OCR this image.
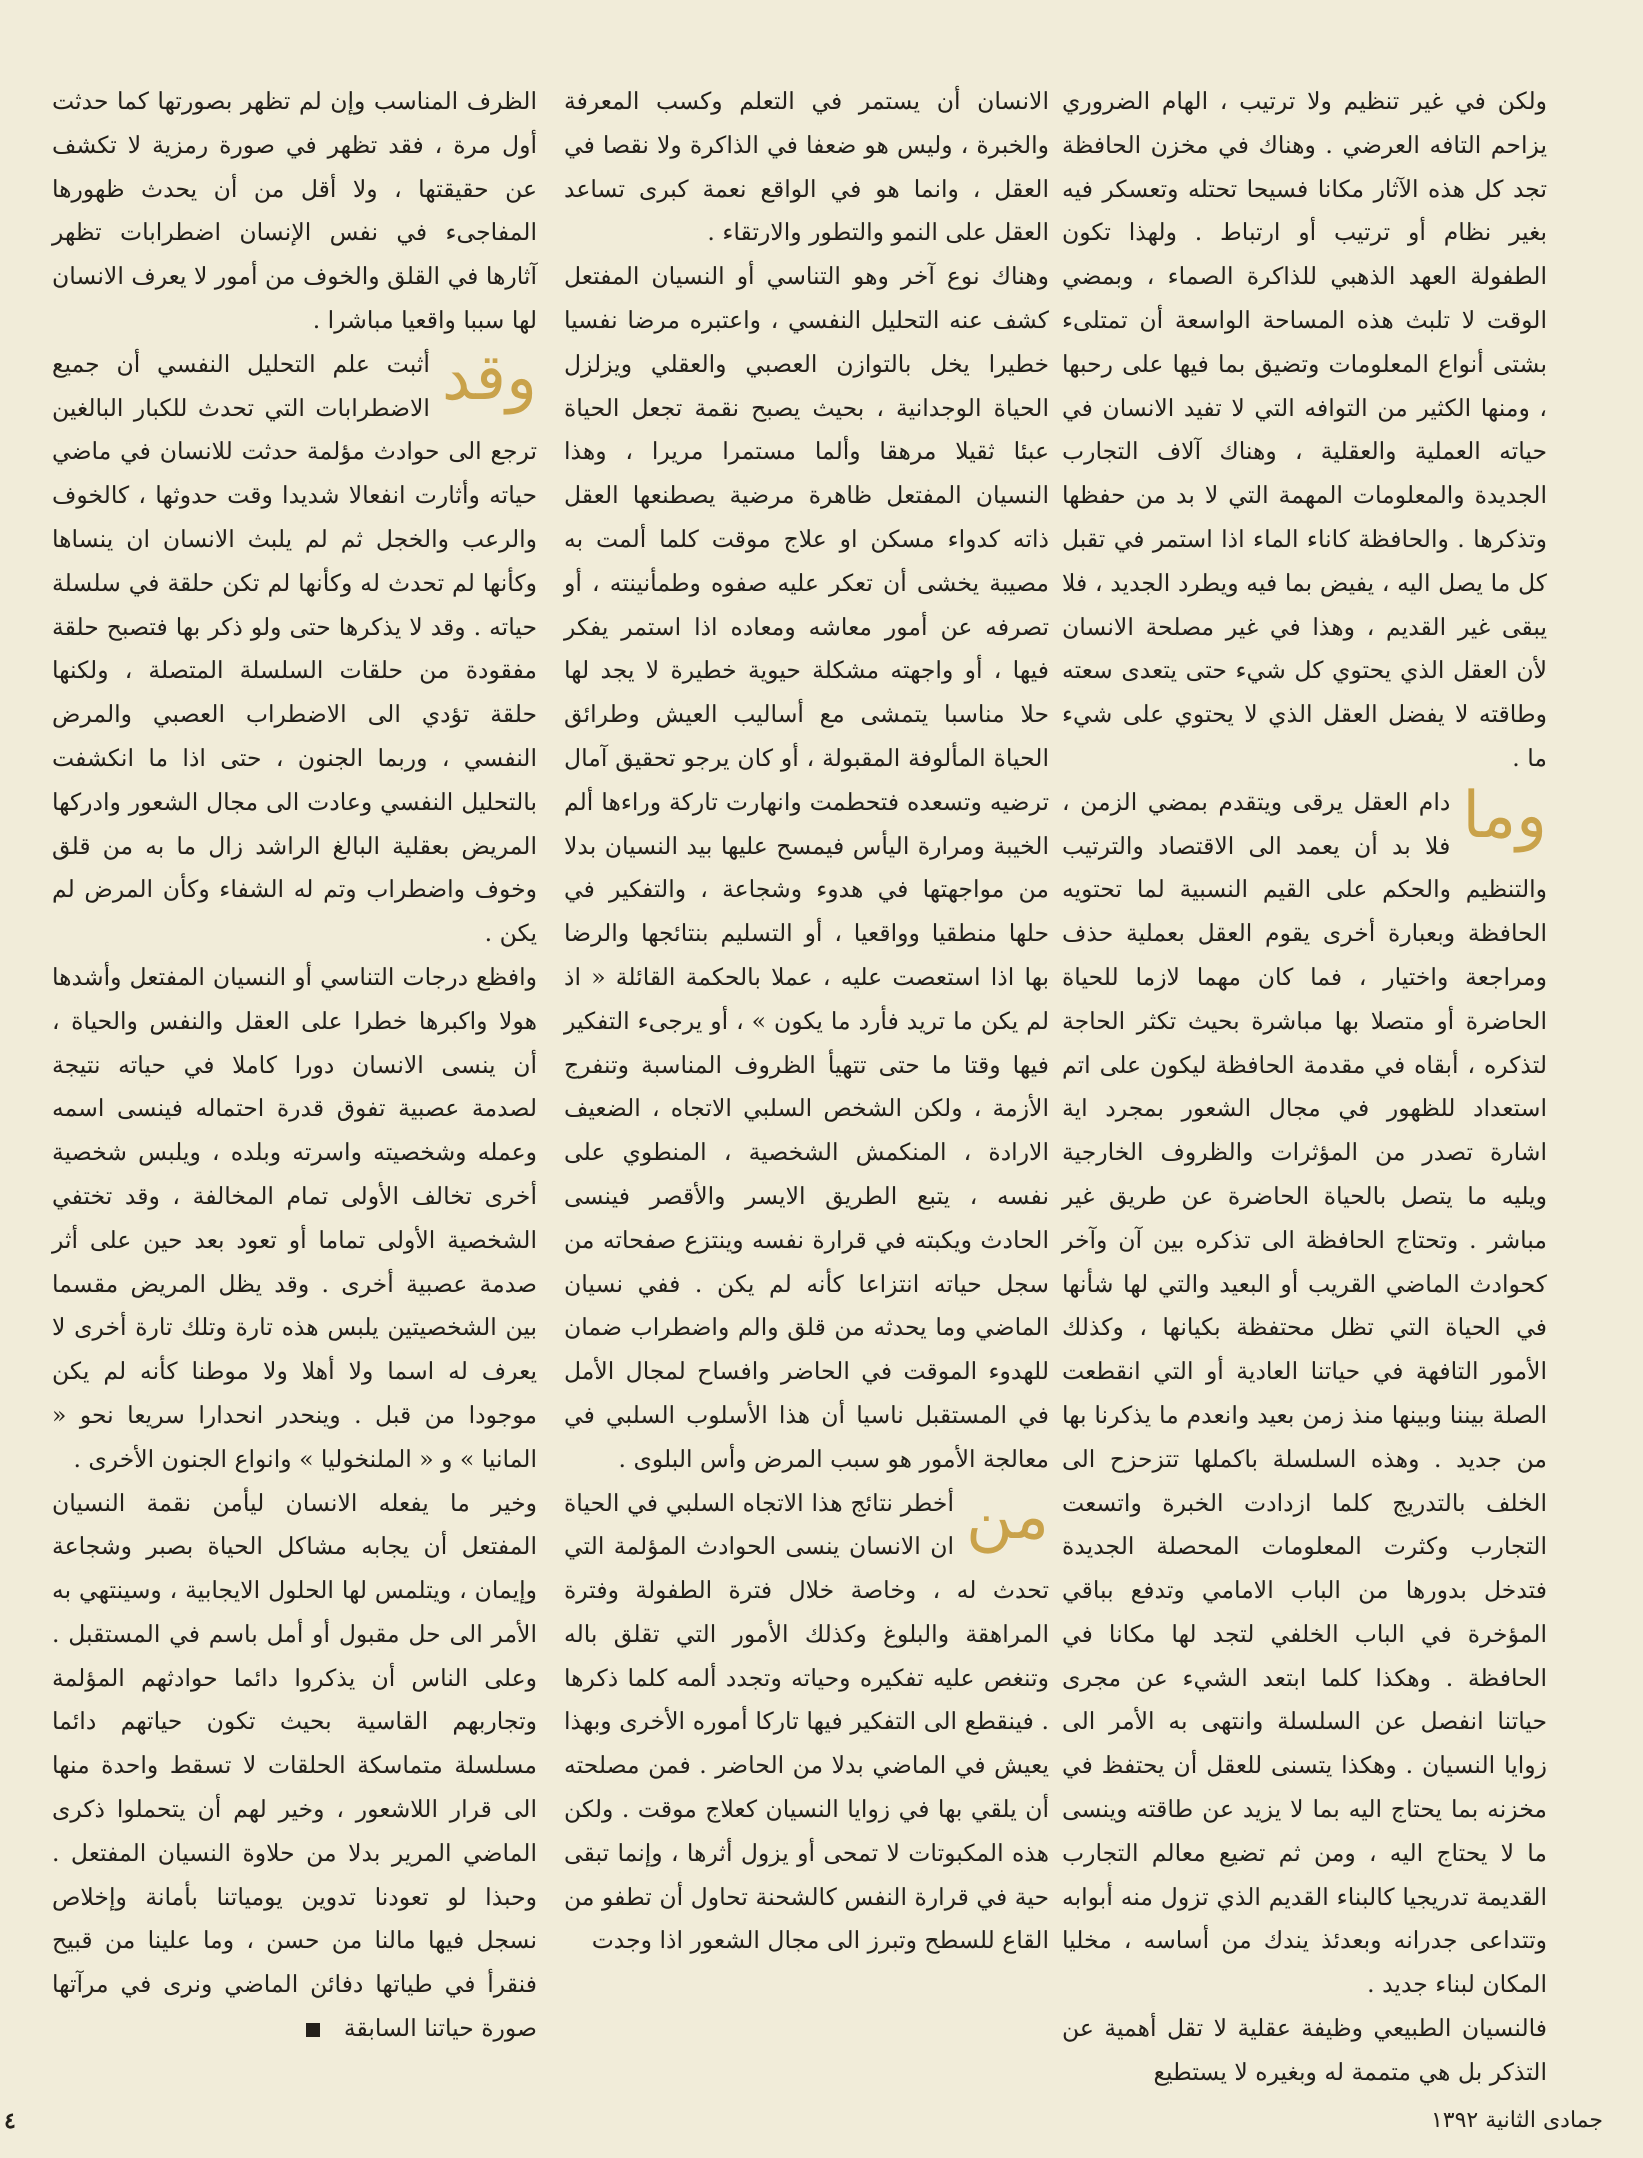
ولكن في غير تنظيم ولا ترتيب ، الهام الضروري يزاحم التافه العرضي . وهناك في مخزن الحافظة تجد كل هذه الآثار مكانا فسيحا تحتله وتعسكر فيه بغير نظام أو ترتيب أو ارتباط . ولهذا تكون الطفولة العهد الذهبي للذاكرة الصماء ، وبمضي الوقت لا تلبث هذه المساحة الواسعة أن تمتلىء بشتى أنواع المعلومات وتضيق بما فيها على رحبها ، ومنها الكثير من التوافه التي لا تفيد الانسان في حياته العملية والعقلية ، وهناك آلاف التجارب الجديدة والمعلومات المهمة التي لا بد من حفظها وتذكرها . والحافظة كاناء الماء اذا استمر في تقبل كل ما يصل اليه ، يفيض بما فيه ويطرد الجديد ، فلا يبقى غير القديم ، وهذا في غير مصلحة الانسان لأن العقل الذي يحتوي كل شيء حتى يتعدى سعته وطاقته لا يفضل العقل الذي لا يحتوي على شيء ما .

وما
دام العقل يرقى ويتقدم بمضي الزمن ، فلا بد أن يعمد الى الاقتصاد والترتيب والتنظيم والحكم على القيم النسبية لما تحتويه الحافظة وبعبارة أخرى يقوم العقل بعملية حذف ومراجعة واختيار ، فما كان مهما لازما للحياة الحاضرة أو متصلا بها مباشرة بحيث تكثر الحاجة لتذكره ، أبقاه في مقدمة الحافظة ليكون على اتم استعداد للظهور في مجال الشعور بمجرد اية اشارة تصدر من المؤثرات والظروف الخارجية ويليه ما يتصل بالحياة الحاضرة عن طريق غير مباشر . وتحتاج الحافظة الى تذكره بين آن وآخر كحوادث الماضي القريب أو البعيد والتي لها شأنها في الحياة التي تظل محتفظة بكيانها ، وكذلك الأمور التافهة في حياتنا العادية أو التي انقطعت الصلة بيننا وبينها منذ زمن بعيد وانعدم ما يذكرنا بها من جديد . وهذه السلسلة باكملها تتزحزح الى الخلف بالتدريج كلما ازدادت الخبرة واتسعت التجارب وكثرت المعلومات المحصلة الجديدة فتدخل بدورها من الباب الامامي وتدفع بباقي المؤخرة في الباب الخلفي لتجد لها مكانا في الحافظة . وهكذا كلما ابتعد الشيء عن مجرى حياتنا انفصل عن السلسلة وانتهى به الأمر الى زوايا النسيان . وهكذا يتسنى للعقل أن يحتفظ في مخزنه بما يحتاج اليه بما لا يزيد عن طاقته وينسى ما لا يحتاج اليه ، ومن ثم تضيع معالم التجارب القديمة تدريجيا كالبناء القديم الذي تزول منه أبوابه وتتداعى جدرانه وبعدئذ يندك من أساسه ، مخليا المكان لبناء جديد .

فالنسيان الطبيعي وظيفة عقلية لا تقل أهمية عن التذكر بل هي متممة له وبغيره لا يستطيع

الانسان أن يستمر في التعلم وكسب المعرفة والخبرة ، وليس هو ضعفا في الذاكرة ولا نقصا في العقل ، وانما هو في الواقع نعمة كبرى تساعد العقل على النمو والتطور والارتقاء .

وهناك نوع آخر وهو التناسي أو النسيان المفتعل كشف عنه التحليل النفسي ، واعتبره مرضا نفسيا خطيرا يخل بالتوازن العصبي والعقلي ويزلزل الحياة الوجدانية ، بحيث يصبح نقمة تجعل الحياة عبئا ثقيلا مرهقا وألما مستمرا مريرا ، وهذا النسيان المفتعل ظاهرة مرضية يصطنعها العقل ذاته كدواء مسكن او علاج موقت كلما ألمت به مصيبة يخشى أن تعكر عليه صفوه وطمأنينته ، أو تصرفه عن أمور معاشه ومعاده اذا استمر يفكر فيها ، أو واجهته مشكلة حيوية خطيرة لا يجد لها حلا مناسبا يتمشى مع أساليب العيش وطرائق الحياة المألوفة المقبولة ، أو كان يرجو تحقيق آمال ترضيه وتسعده فتحطمت وانهارت تاركة وراءها ألم الخيبة ومرارة اليأس فيمسح عليها بيد النسيان بدلا من مواجهتها في هدوء وشجاعة ، والتفكير في حلها منطقيا وواقعيا ، أو التسليم بنتائجها والرضا بها اذا استعصت عليه ، عملا بالحكمة القائلة « اذ لم يكن ما تريد فأرد ما يكون » ، أو يرجىء التفكير فيها وقتا ما حتى تتهيأ الظروف المناسبة وتنفرج الأزمة ، ولكن الشخص السلبي الاتجاه ، الضعيف الارادة ، المنكمش الشخصية ، المنطوي على نفسه ، يتبع الطريق الايسر والأقصر فينسى الحادث ويكبته في قرارة نفسه وينتزع صفحاته من سجل حياته انتزاعا كأنه لم يكن . ففي نسيان الماضي وما يحدثه من قلق والم واضطراب ضمان للهدوء الموقت في الحاضر وافساح لمجال الأمل في المستقبل ناسيا أن هذا الأسلوب السلبي في معالجة الأمور هو سبب المرض وأس البلوى .

من
أخطر نتائج هذا الاتجاه السلبي في الحياة ان الانسان ينسى الحوادث المؤلمة التي تحدث له ، وخاصة خلال فترة الطفولة وفترة المراهقة والبلوغ وكذلك الأمور التي تقلق باله وتنغص عليه تفكيره وحياته وتجدد ألمه كلما ذكرها . فينقطع الى التفكير فيها تاركا أموره الأخرى وبهذا يعيش في الماضي بدلا من الحاضر . فمن مصلحته أن يلقي بها في زوايا النسيان كعلاج موقت . ولكن هذه المكبوتات لا تمحى أو يزول أثرها ، وإنما تبقى حية في قرارة النفس كالشحنة تحاول أن تطفو من القاع للسطح وتبرز الى مجال الشعور اذا وجدت

الظرف المناسب وإن لم تظهر بصورتها كما حدثت أول مرة ، فقد تظهر في صورة رمزية لا تكشف عن حقيقتها ، ولا أقل من أن يحدث ظهورها المفاجىء في نفس الإنسان اضطرابات تظهر آثارها في القلق والخوف من أمور لا يعرف الانسان لها سببا واقعيا مباشرا .

وقد
أثبت علم التحليل النفسي أن جميع الاضطرابات التي تحدث للكبار البالغين ترجع الى حوادث مؤلمة حدثت للانسان في ماضي حياته وأثارت انفعالا شديدا وقت حدوثها ، كالخوف والرعب والخجل ثم لم يلبث الانسان ان ينساها وكأنها لم تحدث له وكأنها لم تكن حلقة في سلسلة حياته . وقد لا يذكرها حتى ولو ذكر بها فتصبح حلقة مفقودة من حلقات السلسلة المتصلة ، ولكنها حلقة تؤدي الى الاضطراب العصبي والمرض النفسي ، وربما الجنون ، حتى اذا ما انكشفت بالتحليل النفسي وعادت الى مجال الشعور وادركها المريض بعقلية البالغ الراشد زال ما به من قلق وخوف واضطراب وتم له الشفاء وكأن المرض لم يكن .

وافظع درجات التناسي أو النسيان المفتعل وأشدها هولا واكبرها خطرا على العقل والنفس والحياة ، أن ينسى الانسان دورا كاملا في حياته نتيجة لصدمة عصبية تفوق قدرة احتماله فينسى اسمه وعمله وشخصيته واسرته وبلده ، ويلبس شخصية أخرى تخالف الأولى تمام المخالفة ، وقد تختفي الشخصية الأولى تماما أو تعود بعد حين على أثر صدمة عصبية أخرى . وقد يظل المريض مقسما بين الشخصيتين يلبس هذه تارة وتلك تارة أخرى لا يعرف له اسما ولا أهلا ولا موطنا كأنه لم يكن موجودا من قبل . وينحدر انحدارا سريعا نحو « المانيا » و « الملنخوليا » وانواع الجنون الأخرى .

وخير ما يفعله الانسان ليأمن نقمة النسيان المفتعل أن يجابه مشاكل الحياة بصبر وشجاعة وإيمان ، ويتلمس لها الحلول الايجابية ، وسينتهي به الأمر الى حل مقبول أو أمل باسم في المستقبل . وعلى الناس أن يذكروا دائما حوادثهم المؤلمة وتجاربهم القاسية بحيث تكون حياتهم دائما مسلسلة متماسكة الحلقات لا تسقط واحدة منها الى قرار اللاشعور ، وخير لهم أن يتحملوا ذكرى الماضي المرير بدلا من حلاوة النسيان المفتعل . وحبذا لو تعودنا تدوين يومياتنا بأمانة وإخلاص نسجل فيها مالنا من حسن ، وما علينا من قبيح فنقرأ في طياتها دفائن الماضي ونرى في مرآتها صورة حياتنا السابقة

جمادى الثانية ١٣٩٢
٤
